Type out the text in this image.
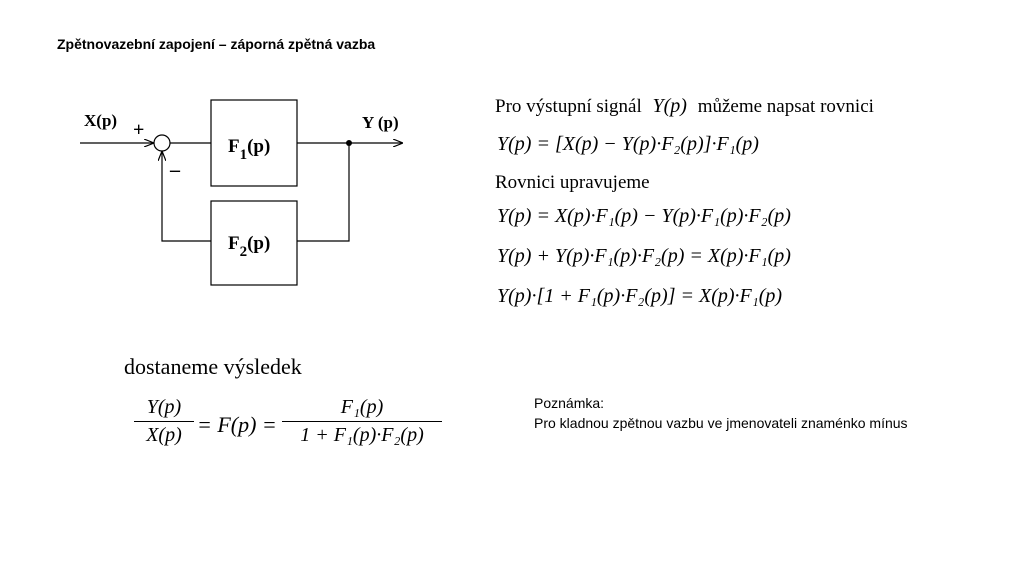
Zpětnovazební zapojení – záporná zpětná vazba
X(p) +
–
Y (p)
$F_1(p)$
$F_2(p)$
Pro výstupní signál Y(p) můžeme napsat rovnici
Y(p) = [X(p) − Y(p)·F₂(p)]·F₁(p)
Rovnici upravujeme
Y(p) = X(p)·F₁(p) − Y(p)·F₁(p)·F₂(p)
Y(p) + Y(p)·F₁(p)·F₂(p) = X(p)·F₁(p)
Y(p)·[1 + F₁(p)·F₂(p)] = X(p)·F₁(p)
dostaneme výsledek
$\frac{Y(p)}{X(p)} = F(p) = \frac{\text{F₁(p)}}{\text{1 + F₁(p)·F₂(p)}}$	Poznámka:
Pro kladnou zpětnou vazbu ve jmenovateli znaménko mínus
